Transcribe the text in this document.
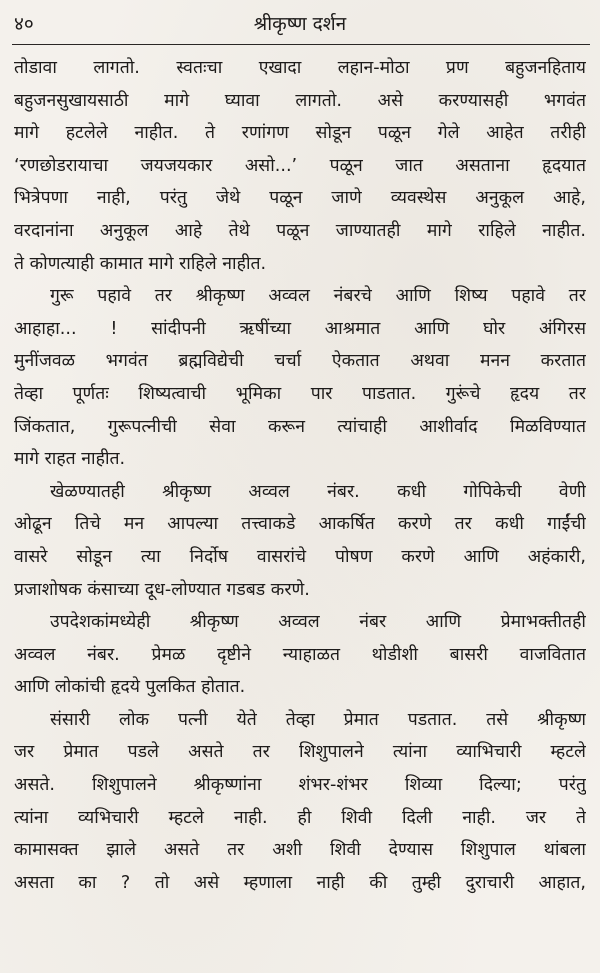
४०	श्रीकृष्ण दर्शन
तोडावा लागतो. स्वतःचा एखादा लहान-मोठा प्रण बहुजनहिताय
बहुजनसुखायसाठी मागे घ्यावा लागतो. असे करण्यासही भगवंत
मागे हटलेले नाहीत. ते रणांगण सोडून पळून गेले आहेत तरीही
‘रणछोडरायाचा जयजयकार असो...’ पळून जात असताना हृदयात
भित्रेपणा नाही, परंतु जेथे पळून जाणे व्यवस्थेस अनुकूल आहे,
वरदानांना अनुकूल आहे तेथे पळून जाण्यातही मागे राहिले नाहीत.
ते कोणत्याही कामात मागे राहिले नाहीत.
गुरू पहावे तर श्रीकृष्ण अव्वल नंबरचे आणि शिष्य पहावे तर
आहाहा... ! सांदीपनी ऋषींच्या आश्रमात आणि घोर अंगिरस
मुनींजवळ भगवंत ब्रह्मविद्येची चर्चा ऐकतात अथवा मनन करतात
तेव्हा पूर्णतः शिष्यत्वाची भूमिका पार पाडतात. गुरूंचे हृदय तर
जिंकतात, गुरूपत्नीची सेवा करून त्यांचाही आशीर्वाद मिळविण्यात
मागे राहत नाहीत.
खेळण्यातही श्रीकृष्ण अव्वल नंबर. कधी गोपिकेची वेणी
ओढून तिचे मन आपल्या तत्त्वाकडे आकर्षित करणे तर कधी गाईंची
वासरे सोडून त्या निर्दोष वासरांचे पोषण करणे आणि अहंकारी,
प्रजाशोषक कंसाच्या दूध-लोण्यात गडबड करणे.
उपदेशकांमध्येही श्रीकृष्ण अव्वल नंबर आणि प्रेमाभक्तीतही
अव्वल नंबर. प्रेमळ दृष्टीने न्याहाळत थोडीशी बासरी वाजवितात
आणि लोकांची हृदये पुलकित होतात.
संसारी लोक पत्नी येते तेव्हा प्रेमात पडतात. तसे श्रीकृष्ण
जर प्रेमात पडले असते तर शिशुपालने त्यांना व्याभिचारी म्हटले
असते. शिशुपालने श्रीकृष्णांना शंभर-शंभर शिव्या दिल्या; परंतु
त्यांना व्यभिचारी म्हटले नाही. ही शिवी दिली नाही. जर ते
कामासक्त झाले असते तर अशी शिवी देण्यास शिशुपाल थांबला
असता का ? तो असे म्हणाला नाही की तुम्ही दुराचारी आहात,
